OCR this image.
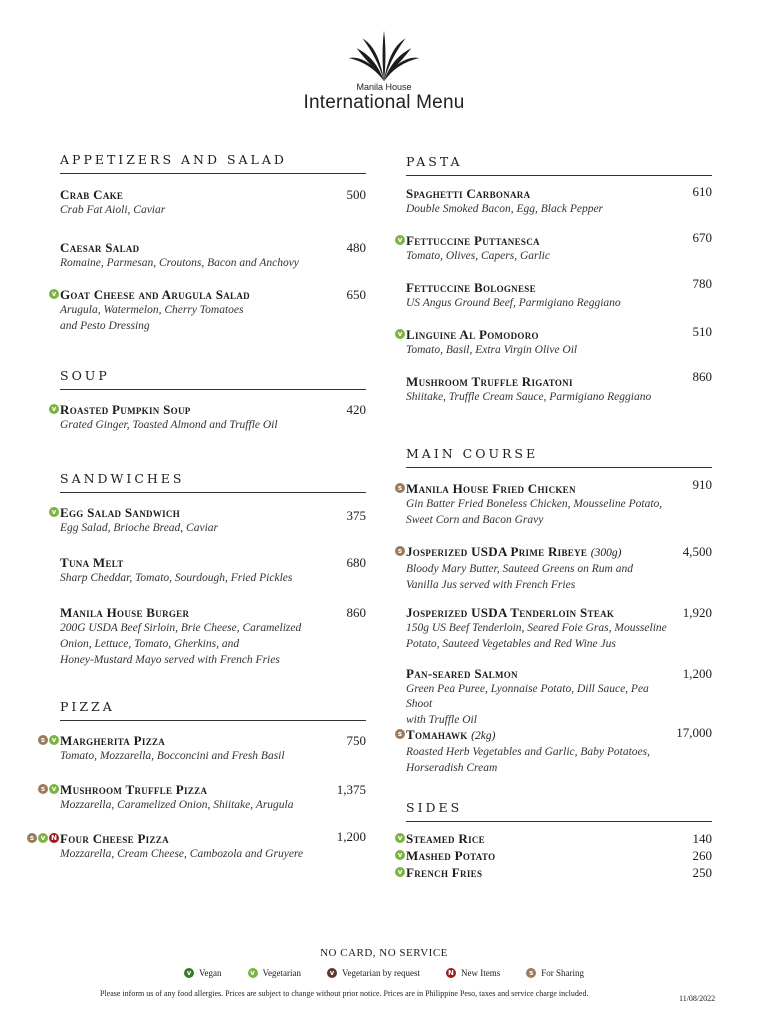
Manila House
International Menu
APPETIZERS AND SALAD
Crab Cake
Crab Fat Aioli, Caviar
500
Caesar Salad
Romaine, Parmesan, Croutons, Bacon and Anchovy
480
v Goat Cheese and Arugula Salad
Arugula, Watermelon, Cherry Tomatoes
and Pesto Dressing
650
SOUP
v Roasted Pumpkin Soup
Grated Ginger, Toasted Almond and Truffle Oil
420
SANDWICHES
v Egg Salad Sandwich
Egg Salad, Brioche Bread, Caviar
375
Tuna Melt
Sharp Cheddar, Tomato, Sourdough, Fried Pickles
680
Manila House Burger
200G USDA Beef Sirloin, Brie Cheese, Caramelized
Onion, Lettuce, Tomato, Gherkins, and
Honey-Mustard Mayo served with French Fries
860
PIZZA
s v Margherita Pizza
Tomato, Mozzarella, Bocconcini and Fresh Basil
750
s v Mushroom Truffle Pizza
Mozzarella, Caramelized Onion, Shiitake, Arugula
1,375
s v N Four Cheese Pizza
Mozzarella, Cream Cheese, Cambozola and Gruyere
1,200
PASTA
Spaghetti Carbonara
Double Smoked Bacon, Egg, Black Pepper
610
v Fettuccine Puttanesca
Tomato, Olives, Capers, Garlic
670
Fettuccine Bolognese
US Angus Ground Beef, Parmigiano Reggiano
780
v Linguine Al Pomodoro
Tomato, Basil, Extra Virgin Olive Oil
510
Mushroom Truffle Rigatoni
Shiitake, Truffle Cream Sauce, Parmigiano Reggiano
860
MAIN COURSE
s Manila House Fried Chicken
Gin Batter Fried Boneless Chicken, Mousseline Potato,
Sweet Corn and Bacon Gravy
910
s Josperized USDA Prime Ribeye (300g)
Bloody Mary Butter, Sauteed Greens on Rum and
Vanilla Jus served with French Fries
4,500
Josperized USDA Tenderloin Steak
150g US Beef Tenderloin, Seared Foie Gras, Mousseline
Potato, Sauteed Vegetables and Red Wine Jus
1,920
Pan-seared Salmon
Green Pea Puree, Lyonnaise Potato, Dill Sauce, Pea Shoot
with Truffle Oil
1,200
s Tomahawk (2kg)
Roasted Herb Vegetables and Garlic, Baby Potatoes,
Horseradish Cream
17,000
SIDES
v Steamed Rice	140
v Mashed Potato	260
v French Fries	250
NO CARD, NO SERVICE
v Vegan	v Vegetarian	v Vegetarian by request	N New Items	s For Sharing
Please inform us of any food allergies. Prices are subject to change without prior notice. Prices are in Philippine Peso, taxes and service charge included.
11/08/2022
